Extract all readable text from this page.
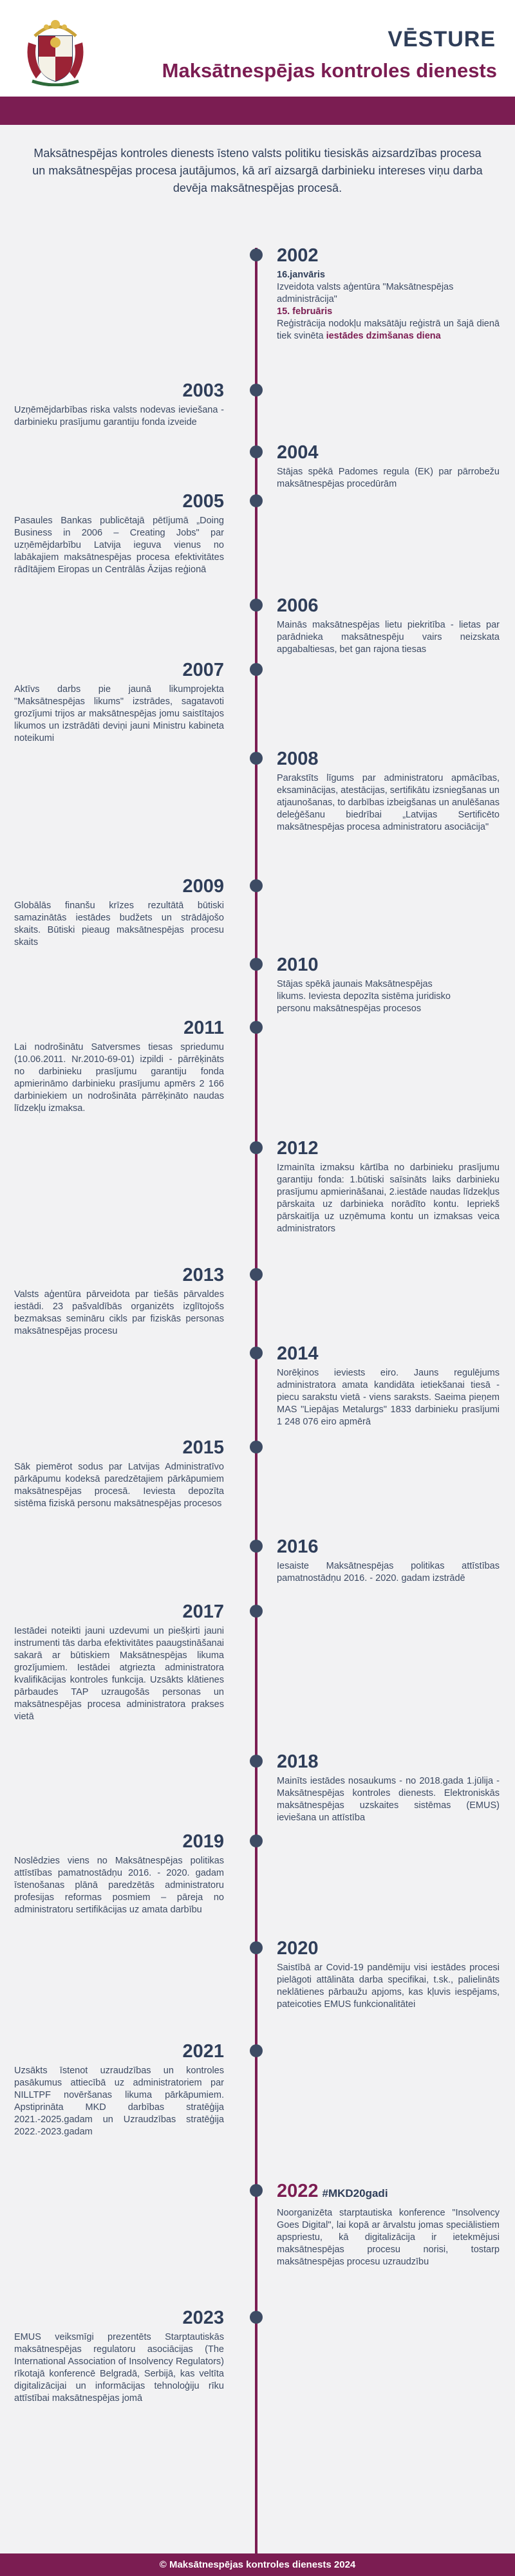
VĒSTURE
Maksātnespējas kontroles dienests
Maksātnespējas kontroles dienests īsteno valsts politiku tiesiskās aizsardzības procesa un maksātnespējas procesa jautājumos, kā arī aizsargā darbinieku intereses viņu darba devēja maksātnespējas procesā.
2002
16.janvāris
Izveidota valsts aģentūra "Maksātnespējas administrācija"
15. februāris
Reģistrācija nodokļu maksātāju reģistrā un šajā dienā tiek svinēta iestādes dzimšanas diena
2003
Uzņēmējdarbības riska valsts nodevas ieviešana - darbinieku prasījumu garantiju fonda izveide
2004
Stājas spēkā Padomes regula (EK) par pārrobežu maksātnespējas procedūrām
2005
Pasaules Bankas publicētajā pētījumā „Doing Business in 2006 – Creating Jobs" par uzņēmējdarbību Latvija ieguva vienus no labākajiem maksātnespējas procesa efektivitātes rādītājiem Eiropas un Centrālās Āzijas reģionā
2006
Mainās maksātnespējas lietu piekritība - lietas par parādnieka maksātnespēju vairs neizskata apgabaltiesas, bet gan rajona tiesas
2007
Aktīvs darbs pie jaunā likumprojekta "Maksātnespējas likums" izstrādes, sagatavoti grozījumi trijos ar maksātnespējas jomu saistītajos likumos un izstrādāti deviņi jauni Ministru kabineta noteikumi
2008
Parakstīts līgums par administratoru apmācības, eksaminācijas, atestācijas, sertifikātu izsniegšanas un atjaunošanas, to darbības izbeigšanas un anulēšanas deleģēšanu biedrībai „Latvijas Sertificēto maksātnespējas procesa administratoru asociācija"
2009
Globālās finanšu krīzes rezultātā būtiski samazinātās iestādes budžets un strādājošo skaits. Būtiski pieaug maksātnespējas procesu skaits
2010
Stājas spēkā jaunais Maksātnespējas likums. Ieviesta depozīta sistēma juridisko personu maksātnespējas procesos
2011
Lai nodrošinātu Satversmes tiesas spriedumu (10.06.2011. Nr.2010-69-01) izpildi - pārrēķināts no darbinieku prasījumu garantiju fonda apmierināmo darbinieku prasījumu apmērs 2 166 darbiniekiem un nodrošināta pārrēķināto naudas līdzekļu izmaksa.
2012
Izmainīta izmaksu kārtība no darbinieku prasījumu garantiju fonda: 1.būtiski saīsināts laiks darbinieku prasījumu apmierināšanai, 2.iestāde naudas līdzekļus pārskaita uz darbinieka norādīto kontu. Iepriekš pārskaitīja uz uzņēmuma kontu un izmaksas veica administrators
2013
Valsts aģentūra pārveidota par tiešās pārvaldes iestādi. 23 pašvaldībās organizēts izglītojošs bezmaksas semināru cikls par fiziskās personas maksātnespējas procesu
2014
Norēķinos ieviests eiro. Jauns regulējums administratora amata kandidāta ietiekšanai tiesā - piecu sarakstu vietā - viens saraksts. Saeima pieņem MAS "Liepājas Metalurgs" 1833 darbinieku prasījumi 1 248 076 eiro apmērā
2015
Sāk piemērot sodus par Latvijas Administratīvo pārkāpumu kodeksā paredzētajiem pārkāpumiem maksātnespējas procesā. Ieviesta depozīta sistēma fiziskā personu maksātnespējas procesos
2016
Iesaiste Maksātnespējas politikas attīstības pamatnostādņu 2016. - 2020. gadam izstrādē
2017
Iestādei noteikti jauni uzdevumi un piešķirti jauni instrumenti tās darba efektivitātes paaugstināšanai sakarā ar būtiskiem Maksātnespējas likuma grozījumiem. Iestādei atgriezta administratora kvalifikācijas kontroles funkcija. Uzsākts klātienes pārbaudes TAP uzraugošās personas un maksātnespējas procesa administratora prakses vietā
2018
Mainīts iestādes nosaukums - no 2018.gada 1.jūlija - Maksātnespējas kontroles dienests. Elektroniskās maksātnespējas uzskaites sistēmas (EMUS) ieviešana un attīstība
2019
Noslēdzies viens no Maksātnespējas politikas attīstības pamatnostādņu 2016. - 2020. gadam īstenošanas plānā paredzētās administratoru profesijas reformas posmiem – pāreja no administratoru sertifikācijas uz amata darbību
2020
Saistībā ar Covid-19 pandēmiju visi iestādes procesi pielāgoti attālināta darba specifikai, t.sk., palielināts neklātienes pārbaužu apjoms, kas kļuvis iespējams, pateicoties EMUS funkcionalitātei
2021
Uzsākts īstenot uzraudzības un kontroles pasākumus attiecībā uz administratoriem par NILLTPF novēršanas likuma pārkāpumiem. Apstiprināta MKD darbības stratēģija 2021.-2025.gadam un Uzraudzības stratēģija 2022.-2023.gadam
2022 #MKD20gadi
Noorganizēta starptautiska konference "Insolvency Goes Digital", lai kopā ar ārvalstu jomas speciālistiem apspriestu, kā digitalizācija ir ietekmējusi maksātnespējas procesu norisi, tostarp maksātnespējas procesu uzraudzību
2023
EMUS veiksmīgi prezentēts Starptautiskās maksātnespējas regulatoru asociācijas (The International Association of Insolvency Regulators) rīkotajā konferencē Belgradā, Serbijā, kas veltīta digitalizācijai un informācijas tehnoloģiju rīku attīstībai maksātnespējas jomā
© Maksātnespējas kontroles dienests 2024
